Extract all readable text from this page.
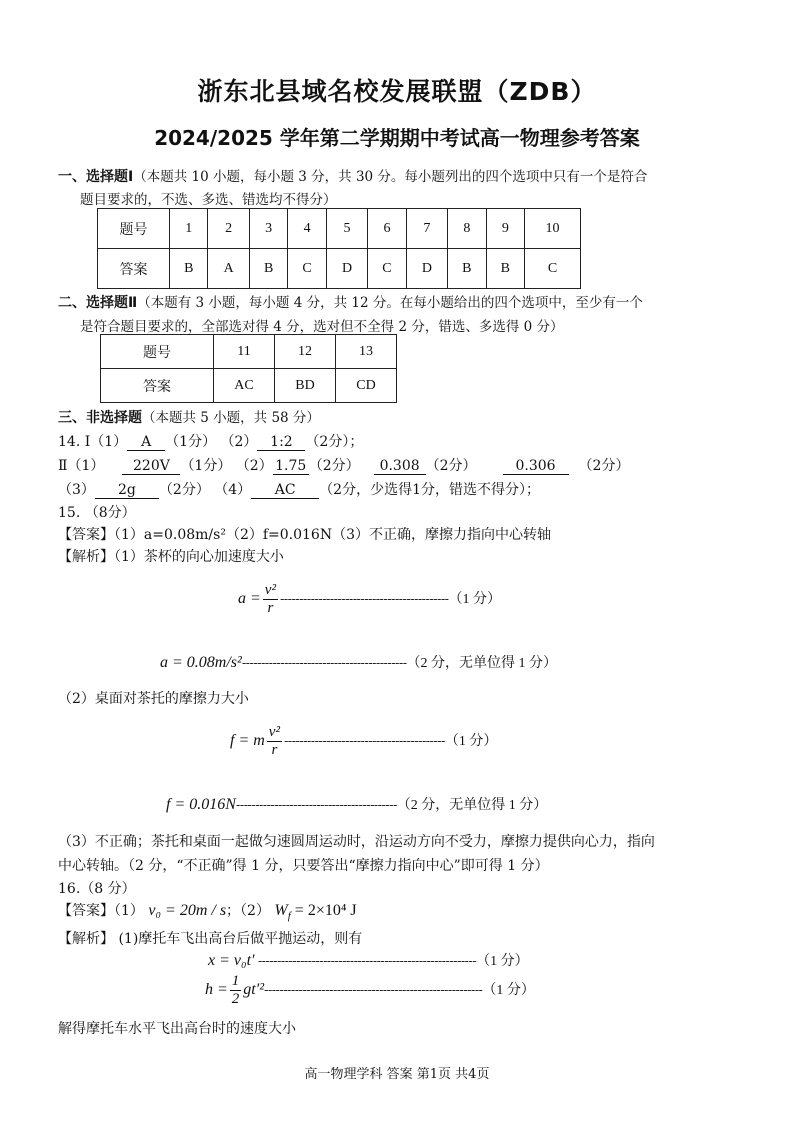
浙东北县域名校发展联盟（ZDB）
2024/2025 学年第二学期期中考试高一物理参考答案
一、选择题Ⅰ（本题共 10 小题，每小题 3 分，共 30 分。每小题列出的四个选项中只有一个是符合
题目要求的，不选、多选、错选均不得分）
题号	1	2	3	4	5	6	7	8	9	10
答案	B	A	B	C	D	C	D	B	B	C
二、选择题Ⅱ（本题有 3 小题，每小题 4 分，共 12 分。在每小题给出的四个选项中，至少有一个
是符合题目要求的，全部选对得 4 分，选对但不全得 2 分，错选、多选得 0 分）
题号	11	12	13
答案	AC	BD	CD
三、非选择题（本题共 5 小题，共 58 分）
14. Ⅰ（1） A （1分） （2） 1:2 （2分）；
Ⅱ（1） 220V （1分） （2） 1.75 （2分） 0.308 （2分）	0.306 （2分）
（3） 2g （2分） （4） AC （2分，少选得1分，错选不得分）；
15. （8分）
【答案】（1）a=0.08m/s²（2）f=0.016N（3）不正确，摩擦力指向中心转轴
【解析】（1）茶杯的向心加速度大小
$a = \frac{\text{v²}}{r} --------------------------------------------(1$ 分）
a = 0.08m/s²-------------------------------------------（2 分，无单位得 1 分）
（2）桌面对茶托的摩擦力大小
f = m $\frac{\text{v²}}{r} ------------------------------------------(1$ 分）
f = 0.016N------------------------------------------（2 分，无单位得 1 分）
（3）不正确；茶托和桌面一起做匀速圆周运动时，沿运动方向不受力，摩擦力提供向心力，指向
中心转轴。（2 分，“不正确”得 1 分，只要答出“摩擦力指向中心”即可得 1 分）
16.（8 分）
【答案】（1） v₀ = 20m / s；（2） $W_f = 2\times 10^4$ J
【解析】 (1)摩托车飞出高台后做平抛运动，则有
x = v₀t′ ---------------------------------------------------------（1 分）
$h = \frac{1}{2} gt'^2---------------------------------------------------------(1$ 分）
解得摩托车水平飞出高台时的速度大小
高一物理学科 答案 第1页 共4页
